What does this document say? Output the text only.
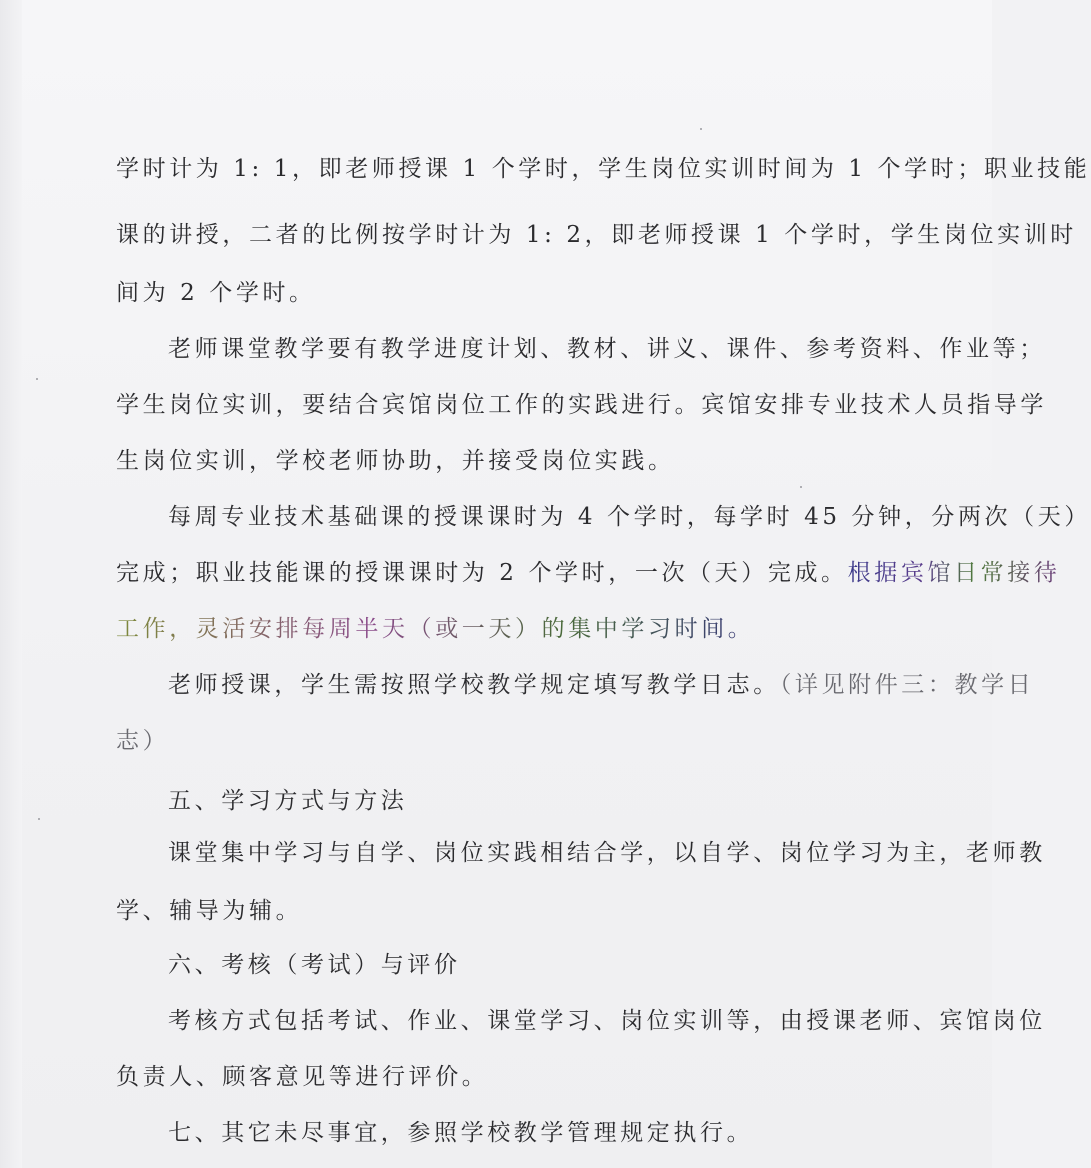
学时计为 1: 1，即老师授课 1 个学时，学生岗位实训时间为 1 个学时；职业技能
课的讲授，二者的比例按学时计为 1: 2，即老师授课 1 个学时，学生岗位实训时
间为 2 个学时。
老师课堂教学要有教学进度计划、教材、讲义、课件、参考资料、作业等；
学生岗位实训，要结合宾馆岗位工作的实践进行。宾馆安排专业技术人员指导学
生岗位实训，学校老师协助，并接受岗位实践。
每周专业技术基础课的授课课时为 4 个学时，每学时 45 分钟，分两次（天）
完成；职业技能课的授课课时为 2 个学时，一次（天）完成。根据宾馆日常接待
工作，灵活安排每周半天（或一天）的集中学习时间。
老师授课，学生需按照学校教学规定填写教学日志。（详见附件三：教学日
志）
五、学习方式与方法
课堂集中学习与自学、岗位实践相结合学，以自学、岗位学习为主，老师教
学、辅导为辅。
六、考核（考试）与评价
考核方式包括考试、作业、课堂学习、岗位实训等，由授课老师、宾馆岗位
负责人、顾客意见等进行评价。
七、其它未尽事宜，参照学校教学管理规定执行。
